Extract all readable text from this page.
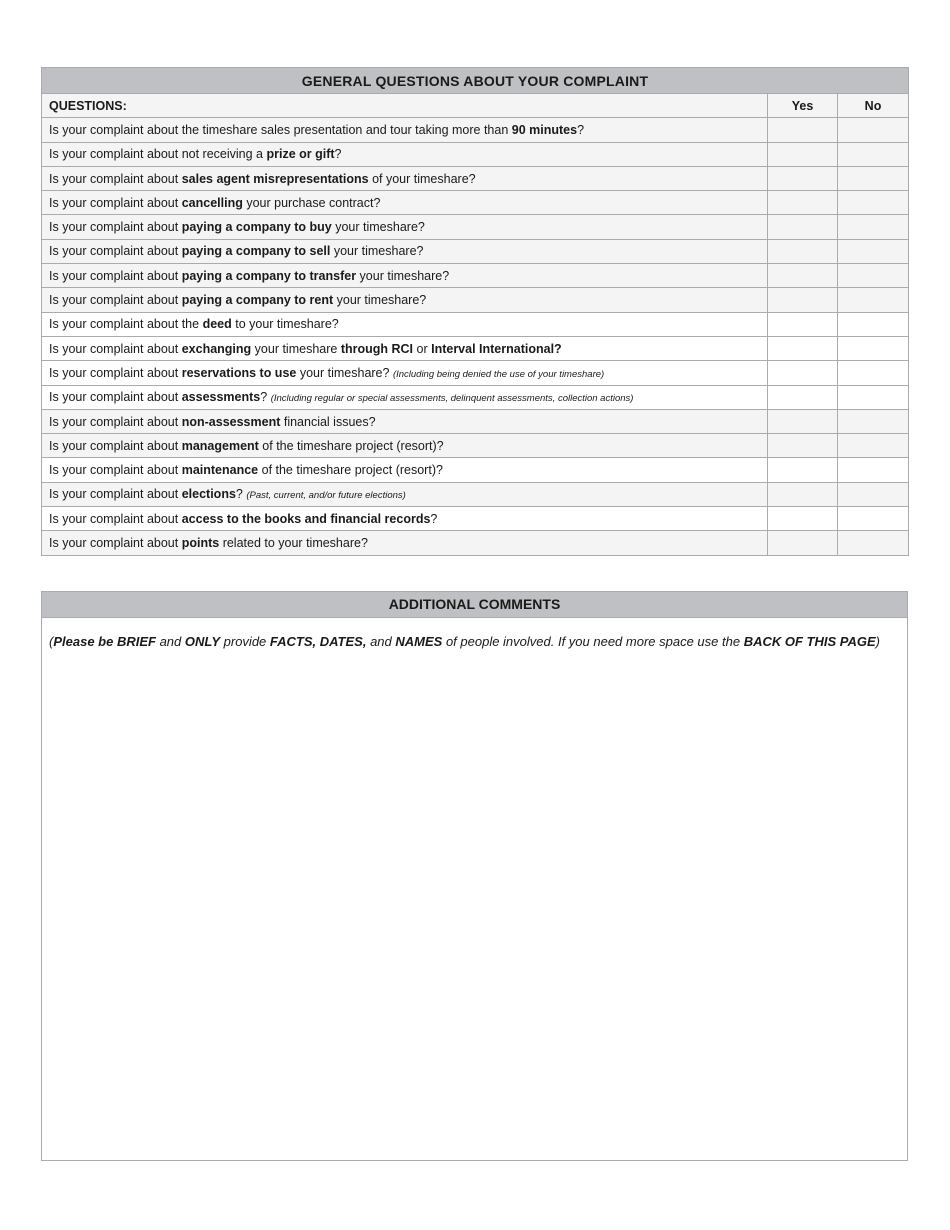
GENERAL QUESTIONS ABOUT YOUR COMPLAINT		
QUESTIONS:	Yes	No
Is your complaint about the timeshare sales presentation and tour taking more than 90 minutes?		
Is your complaint about not receiving a prize or gift?		
Is your complaint about sales agent misrepresentations of your timeshare?		
Is your complaint about cancelling your purchase contract?		
Is your complaint about paying a company to buy your timeshare?		
Is your complaint about paying a company to sell your timeshare?		
Is your complaint about paying a company to transfer your timeshare?		
Is your complaint about paying a company to rent your timeshare?		
Is your complaint about the deed to your timeshare?		
Is your complaint about exchanging your timeshare through RCI or Interval International?		
Is your complaint about reservations to use your timeshare? (Including being denied the use of your timeshare)		
Is your complaint about assessments? (Including regular or special assessments, delinquent assessments, collection actions)		
Is your complaint about non-assessment financial issues?		
Is your complaint about management of the timeshare project (resort)?		
Is your complaint about maintenance of the timeshare project (resort)?		
Is your complaint about elections? (Past, current, and/or future elections)		
Is your complaint about access to the books and financial records?		
Is your complaint about points related to your timeshare?		
ADDITIONAL COMMENTS
(Please be BRIEF and ONLY provide FACTS, DATES, and NAMES of people involved. If you need more space use the BACK OF THIS PAGE)
